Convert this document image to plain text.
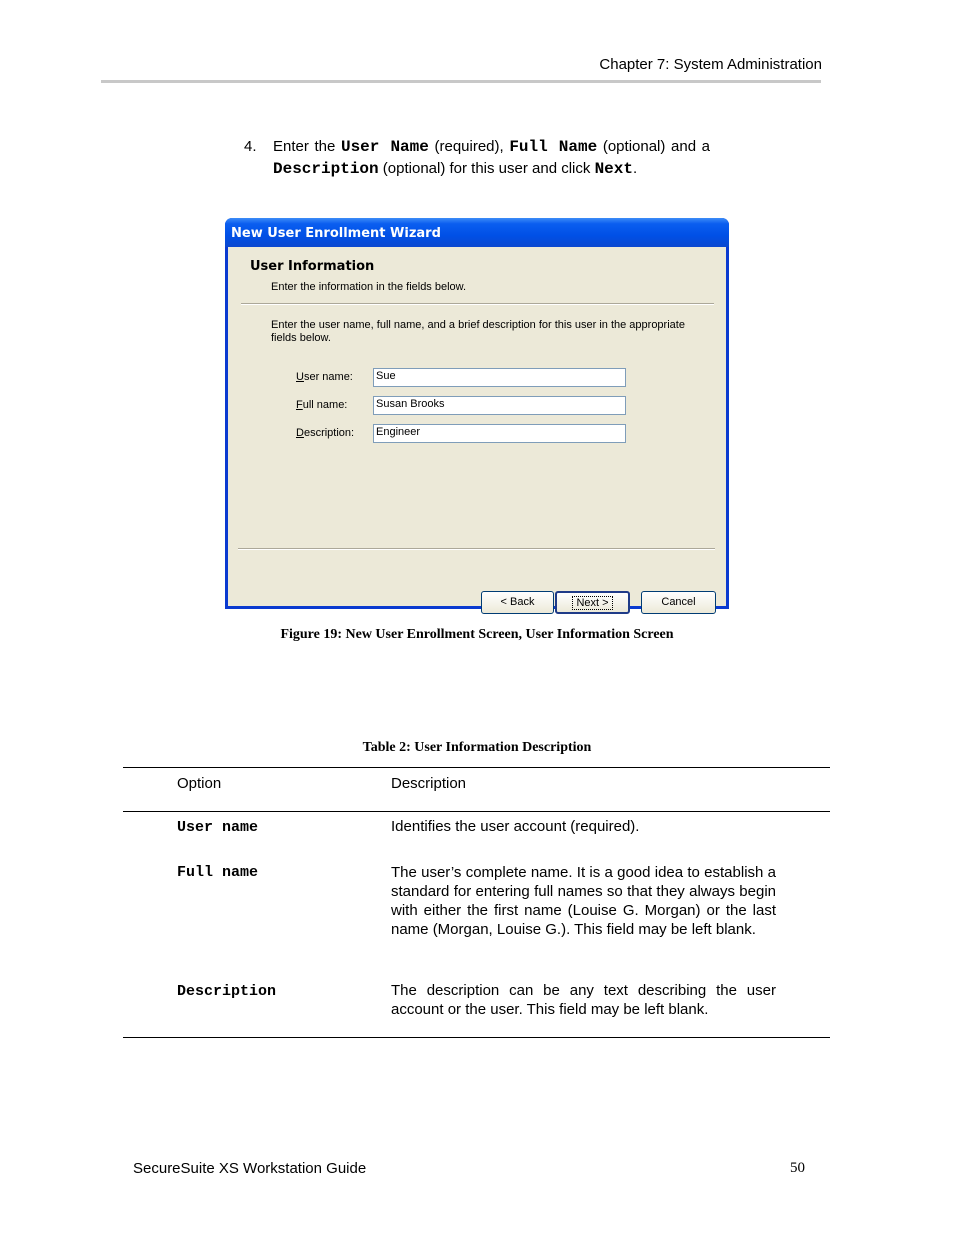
Chapter 7: System Administration
4. Enter the User Name (required), Full Name (optional) and a Description (optional) for this user and click Next.
New User Enrollment Wizard
User Information
Enter the information in the fields below.
Enter the user name, full name, and a brief description for this user in the appropriate fields below.
User name: Sue
Full name:	Susan Brooks
Description: Engineer
< Back	Next >	Cancel
Figure 19: New User Enrollment Screen, User Information Screen
Table 2: User Information Description
Option	Description
User name	Identifies the user account (required).
Full name	The user’s complete name. It is a good idea to establish a standard for entering full names so that they always begin with either the first name (Louise G. Morgan) or the last name (Morgan, Louise G.). This field may be left blank.
Description	The description can be any text describing the user account or the user. This field may be left blank.
SecureSuite XS Workstation Guide	50
